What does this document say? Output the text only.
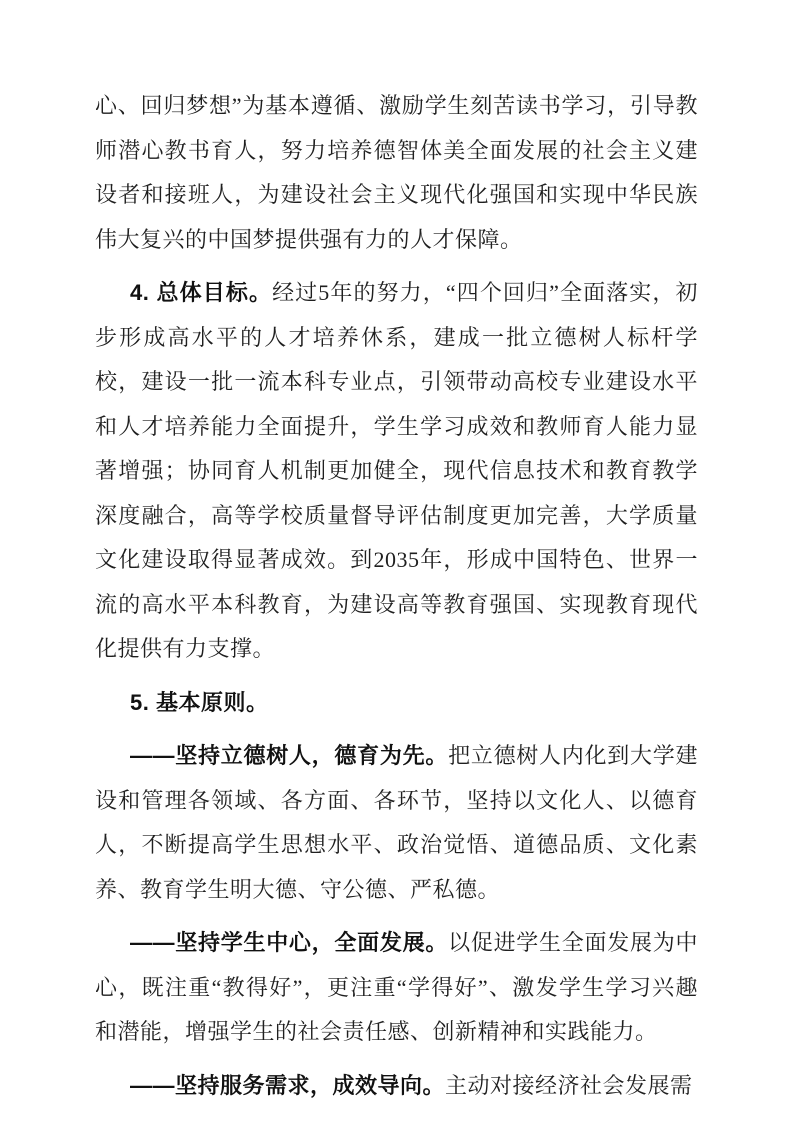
心、回归梦想”为基本遵循、激励学生刻苦读书学习，引导教师潜心教书育人，努力培养德智体美全面发展的社会主义建设者和接班人，为建设社会主义现代化强国和实现中华民族伟大复兴的中国梦提供强有力的人才保障。

4. 总体目标。经过5年的努力，“四个回归”全面落实，初步形成高水平的人才培养休系，建成一批立德树人标杆学校，建设一批一流本科专业点，引领带动高校专业建设水平和人才培养能力全面提升，学生学习成效和教师育人能力显著增强；协同育人机制更加健全，现代信息技术和教育教学深度融合，高等学校质量督导评估制度更加完善，大学质量文化建设取得显著成效。到2035年，形成中国特色、世界一流的高水平本科教育，为建设高等教育强国、实现教育现代化提供有力支撑。

5. 基本原则。

——坚持立德树人，德育为先。把立德树人内化到大学建设和管理各领域、各方面、各环节，坚持以文化人、以德育人，不断提高学生思想水平、政治觉悟、道德品质、文化素养、教育学生明大德、守公德、严私德。

——坚持学生中心，全面发展。以促进学生全面发展为中心，既注重“教得好”，更注重“学得好”、激发学生学习兴趣和潜能，增强学生的社会责任感、创新精神和实践能力。

——坚持服务需求，成效导向。主动对接经济社会发展需
